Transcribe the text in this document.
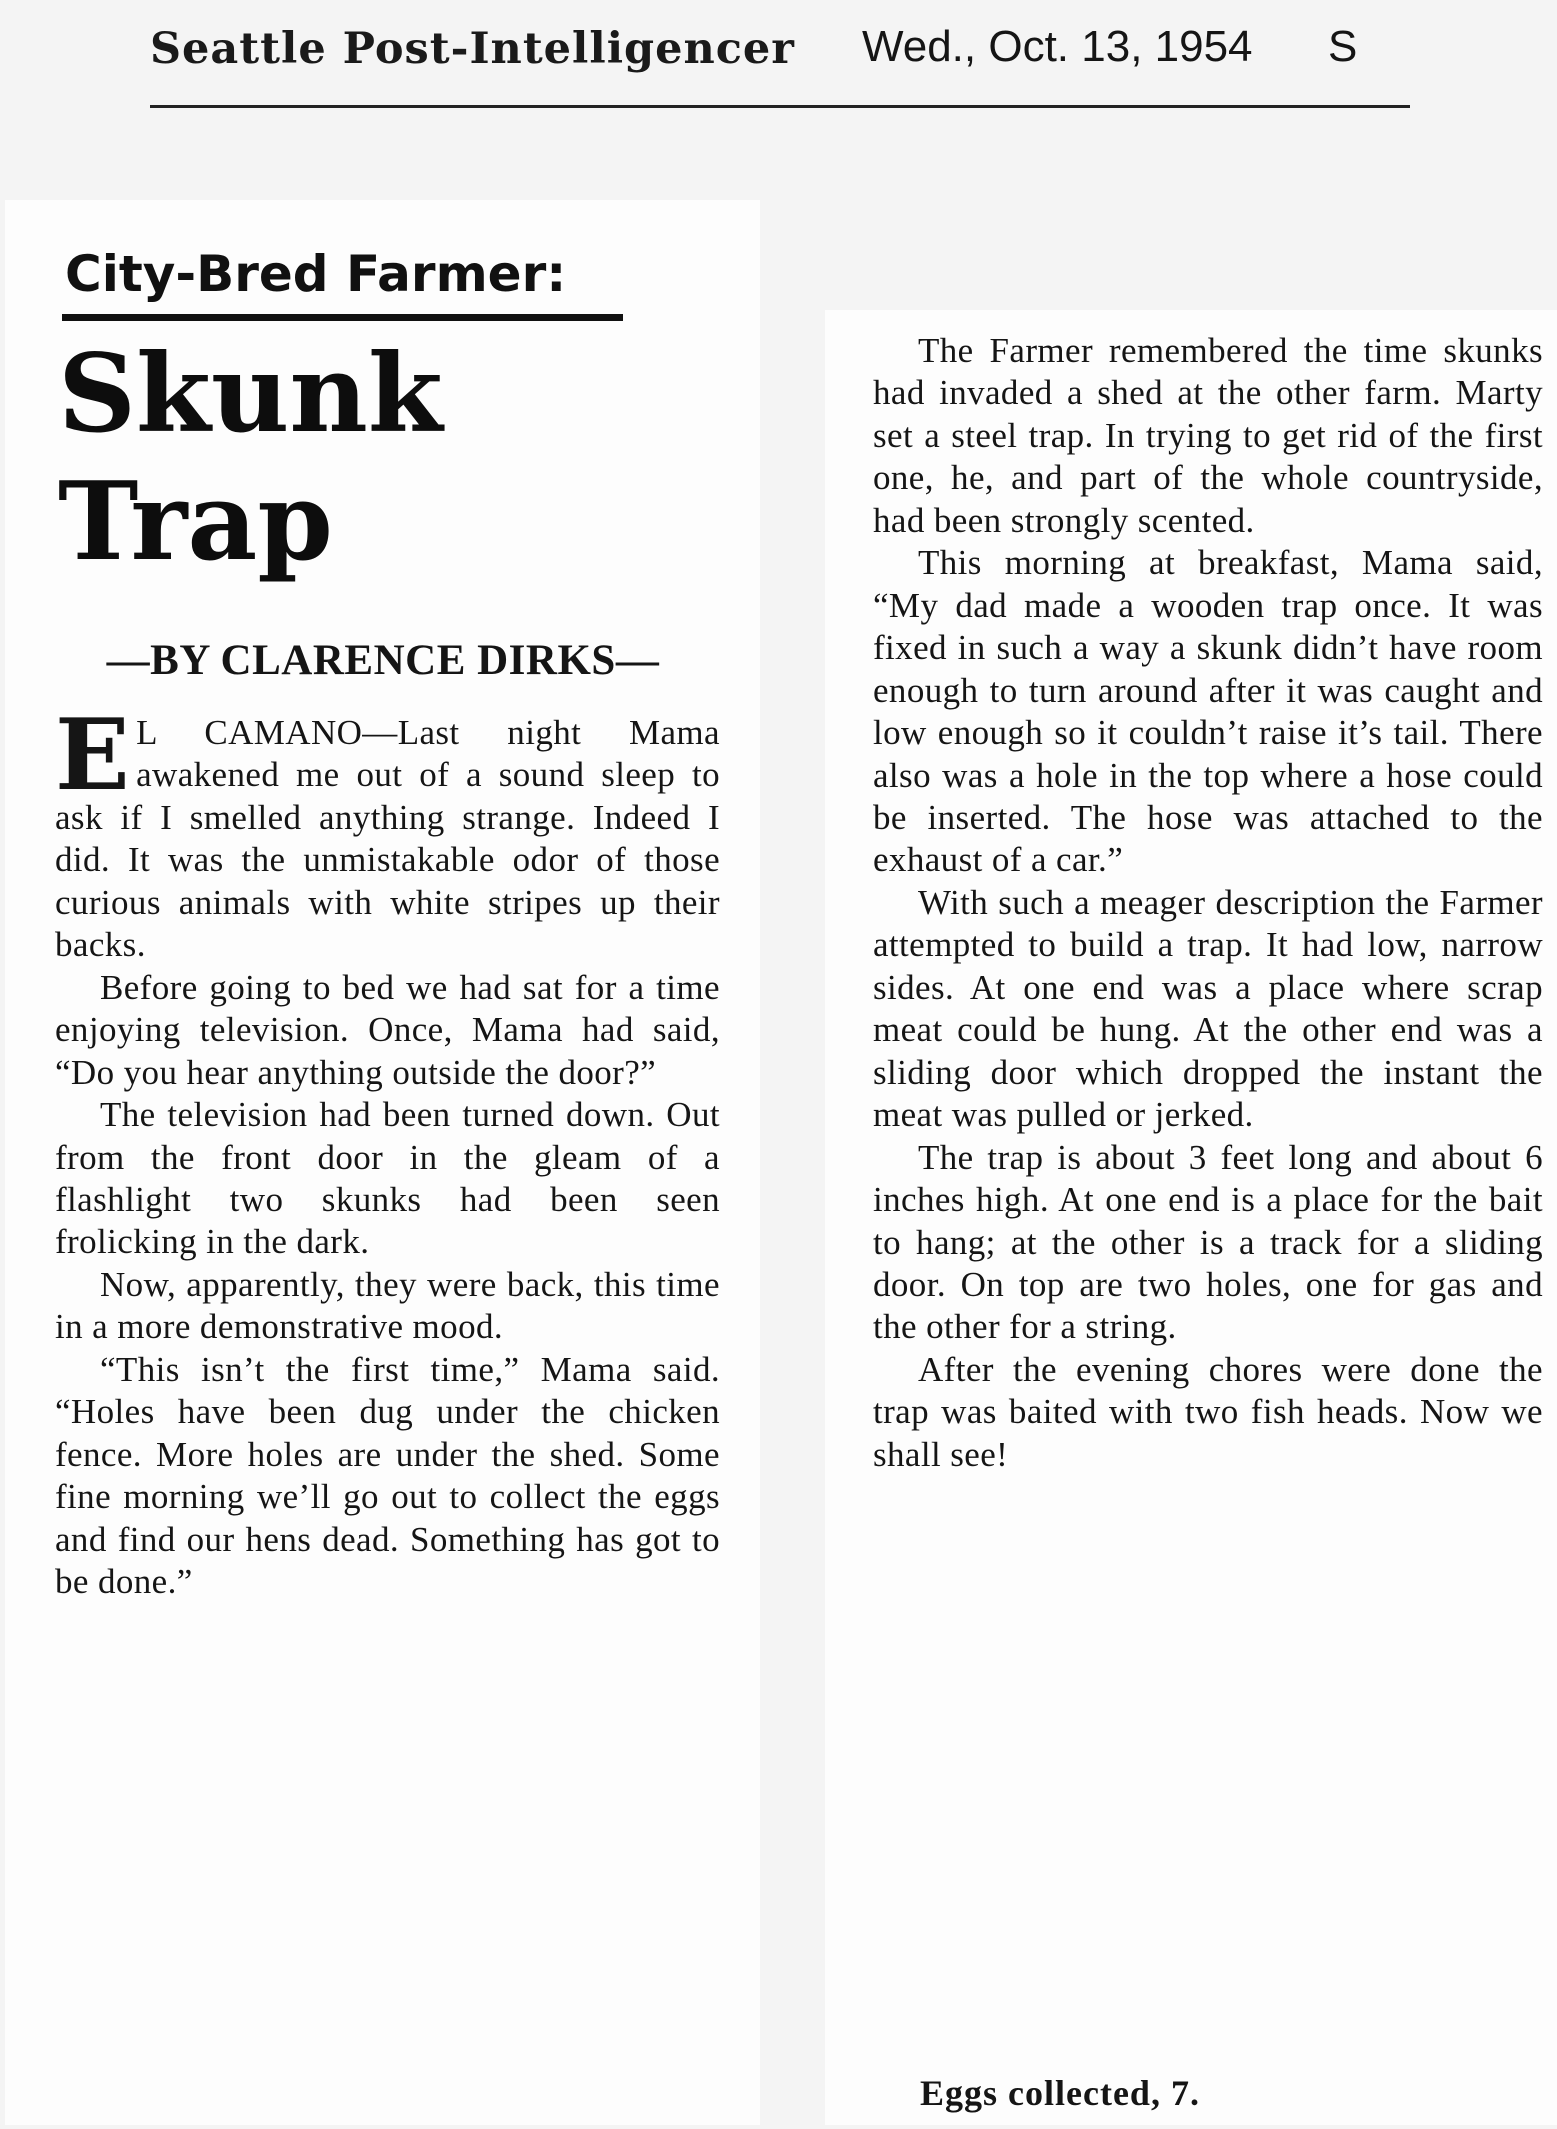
Seattle Post-Intelligencer Wed., Oct. 13, 1954 S
City-Bred Farmer:
Skunk
Trap
—BY CLARENCE DIRKS—

E L CAMANO—Last night Mama awakened me out of a sound sleep to ask if I smelled anything strange. Indeed I did. It was the unmistakable odor of those curious animals with white stripes up their backs.

Before going to bed we had sat for a time enjoying television. Once, Mama had said, “Do you hear anything outside the door?”

The television had been turned down. Out from the front door in the gleam of a flashlight two skunks had been seen frolicking in the dark.

Now, apparently, they were back, this time in a more demonstrative mood.

“This isn’t the first time,” Mama said. “Holes have been dug under the chicken fence. More holes are under the shed. Some fine morning we’ll go out to collect the eggs and find our hens dead. Something has got to be done.”

The Farmer remembered the time skunks had invaded a shed at the other farm. Marty set a steel trap. In trying to get rid of the first one, he, and part of the whole countryside, had been strongly scented.

This morning at breakfast, Mama said, “My dad made a wooden trap once. It was fixed in such a way a skunk didn’t have room enough to turn around after it was caught and low enough so it couldn’t raise it’s tail. There also was a hole in the top where a hose could be inserted. The hose was attached to the exhaust of a car.”

With such a meager description the Farmer attempted to build a trap. It had low, narrow sides. At one end was a place where scrap meat could be hung. At the other end was a sliding door which dropped the instant the meat was pulled or jerked.

The trap is about 3 feet long and about 6 inches high. At one end is a place for the bait to hang; at the other is a track for a sliding door. On top are two holes, one for gas and the other for a string.

After the evening chores were done the trap was baited with two fish heads. Now we shall see!

Eggs collected, 7.
